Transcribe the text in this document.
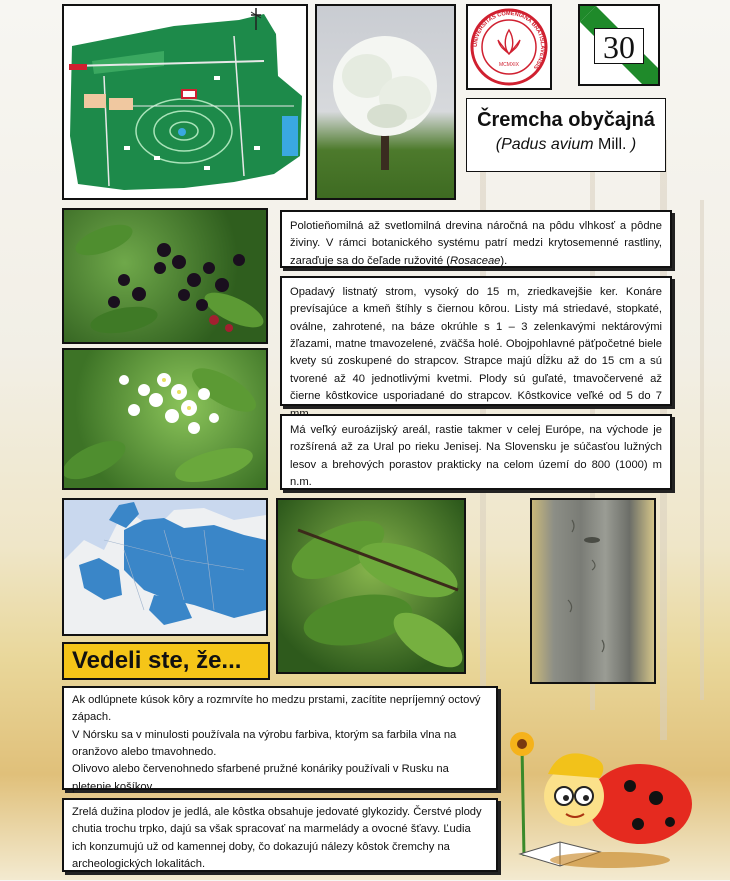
UNIVERSITAS COMENIANA BRATISLAVENSIS
MCMXIX	30
Čremcha obyčajná
(Padus avium Mill. )
Polotieňomilná až svetlomilná drevina náročná na pôdu vlhkosť a pôdne živiny. V rámci botanického systému patrí medzi krytosemenné rastliny, zaraďuje sa do čeľade ružovité (Rosaceae).
Opadavý listnatý strom, vysoký do 15 m, zriedkavejšie ker. Konáre prevísajúce a kmeň štíhly s čiernou kôrou. Listy má striedavé, stopkaté, oválne, zahrotené, na báze okrúhle s 1 – 3 zelenkavými nektárovými žľazami, matne tmavozelené, zväčša holé. Obojpohlavné päťpočetné biele kvety sú zoskupené do strapcov. Strapce majú dĺžku až do 15 cm a sú tvorené až 40 jednotlivými kvetmi. Plody sú guľaté, tmavočervené až čierne kôstkovice usporiadané do strapcov. Kôstkovice veľké od 5 do 7
Má veľký euroázijský areál, rastie takmer v celej Európe, na východe je rozšírená až za Ural po rieku Jenisej. Na Slovensku je súčasťou lužných lesov a brehových porastov prakticky na celom území do 800 (1000) m n.m.
Vedeli ste, že...
Ak odlúpnete kúsok kôry a rozmrvíte ho medzu prstami, zacítite nepríjemný octový zápach.
V Nórsku sa v minulosti používala na výrobu farbiva, ktorým sa farbila vlna na oranžovo alebo tmavohnedo.
Olivovo alebo červenohnedo sfarbené pružné konáriky používali v Rusku na pletenie košíkov.
Zrelá dužina plodov je jedlá, ale kôstka obsahuje jedovaté glykozidy. Čerstvé plody chutia trochu trpko, dajú sa však spracovať na marmelády a ovocné šťavy. Ľudia ich konzumujú už od kamennej doby, čo dokazujú nálezy kôstok čremchy na archeologických lokalitách.
